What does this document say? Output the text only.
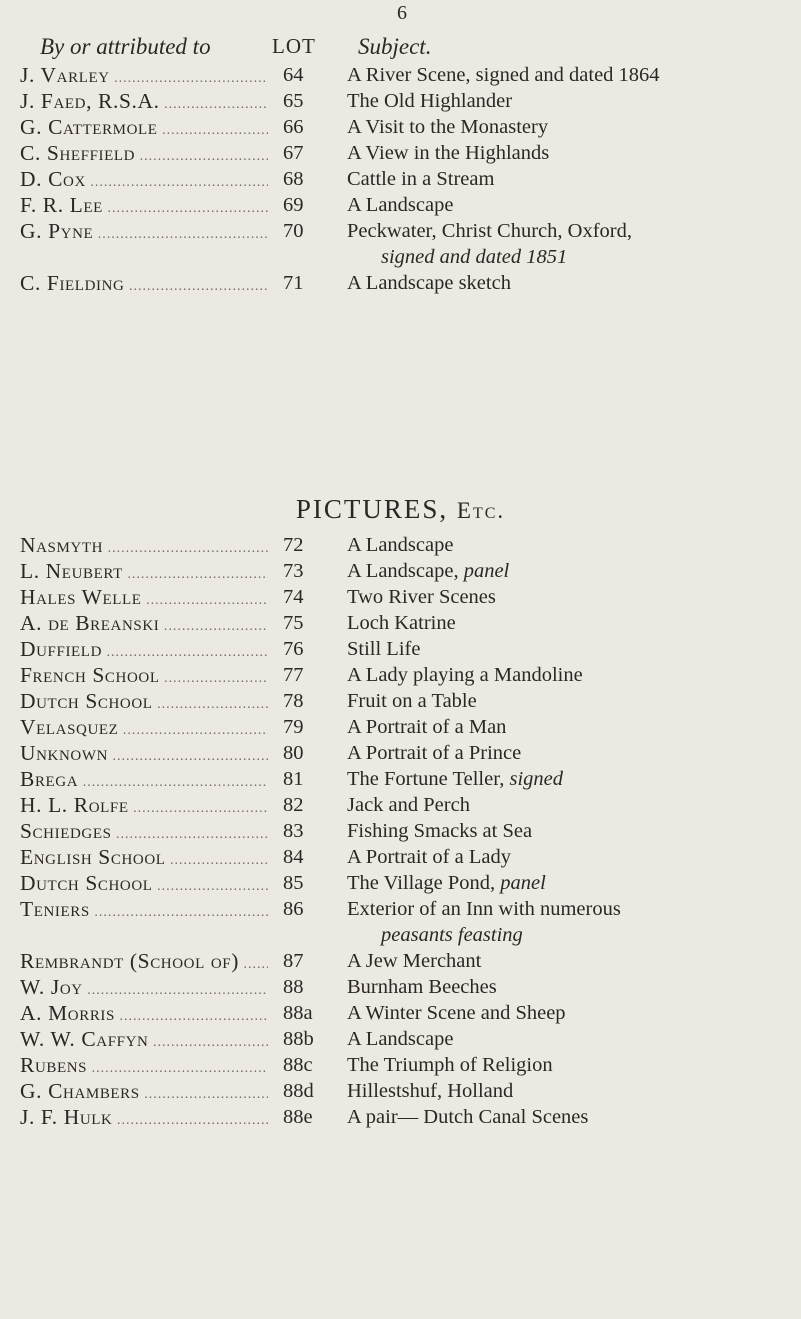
6
By or attributed to	LOT Subject.
J. Varley .....	64	A River Scene, signed and dated 1864
J. Faed, R.S.A. .....	65	The Old Highlander
G. Cattermole .....	66	A Visit to the Monastery
C. Sheffield .....	67	A View in the Highlands
D. Cox .....	68	Cattle in a Stream
F. R. Lee .....	69	A Landscape
G. Pyne .....	70	Peckwater, Christ Church, Oxford,
signed and dated 1851
C. Fielding .....	71	A Landscape sketch
PICTURES, Etc.
Nasmyth .....	72	A Landscape
L. Neubert .....	73	A Landscape, panel
Hales Welle .....	74	Two River Scenes
A. de Breanski .....	75	Loch Katrine
Duffield .....	76	Still Life
French School .....	77	A Lady playing a Mandoline
Dutch School .....	78	Fruit on a Table
Velasquez .....	79	A Portrait of a Man
Unknown .....	80	A Portrait of a Prince
Brega .....	81	The Fortune Teller, signed
H. L. Rolfe .....	82	Jack and Perch
Schiedges .....	83	Fishing Smacks at Sea
English School .....	84	A Portrait of a Lady
Dutch School .....	85	The Village Pond, panel
Teniers .....	86	Exterior of an Inn with numerous
peasants feasting
Rembrandt (School of) .....	87	A Jew Merchant
W. Joy .....	88	Burnham Beeches
A. Morris .....	88a	A Winter Scene and Sheep
W. W. Caffyn .....	88b	A Landscape
Rubens .....	88c	The Triumph of Religion
G. Chambers .....	88d	Hillestshuf, Holland
J. F. Hulk .....	88e	A pair— Dutch Canal Scenes
